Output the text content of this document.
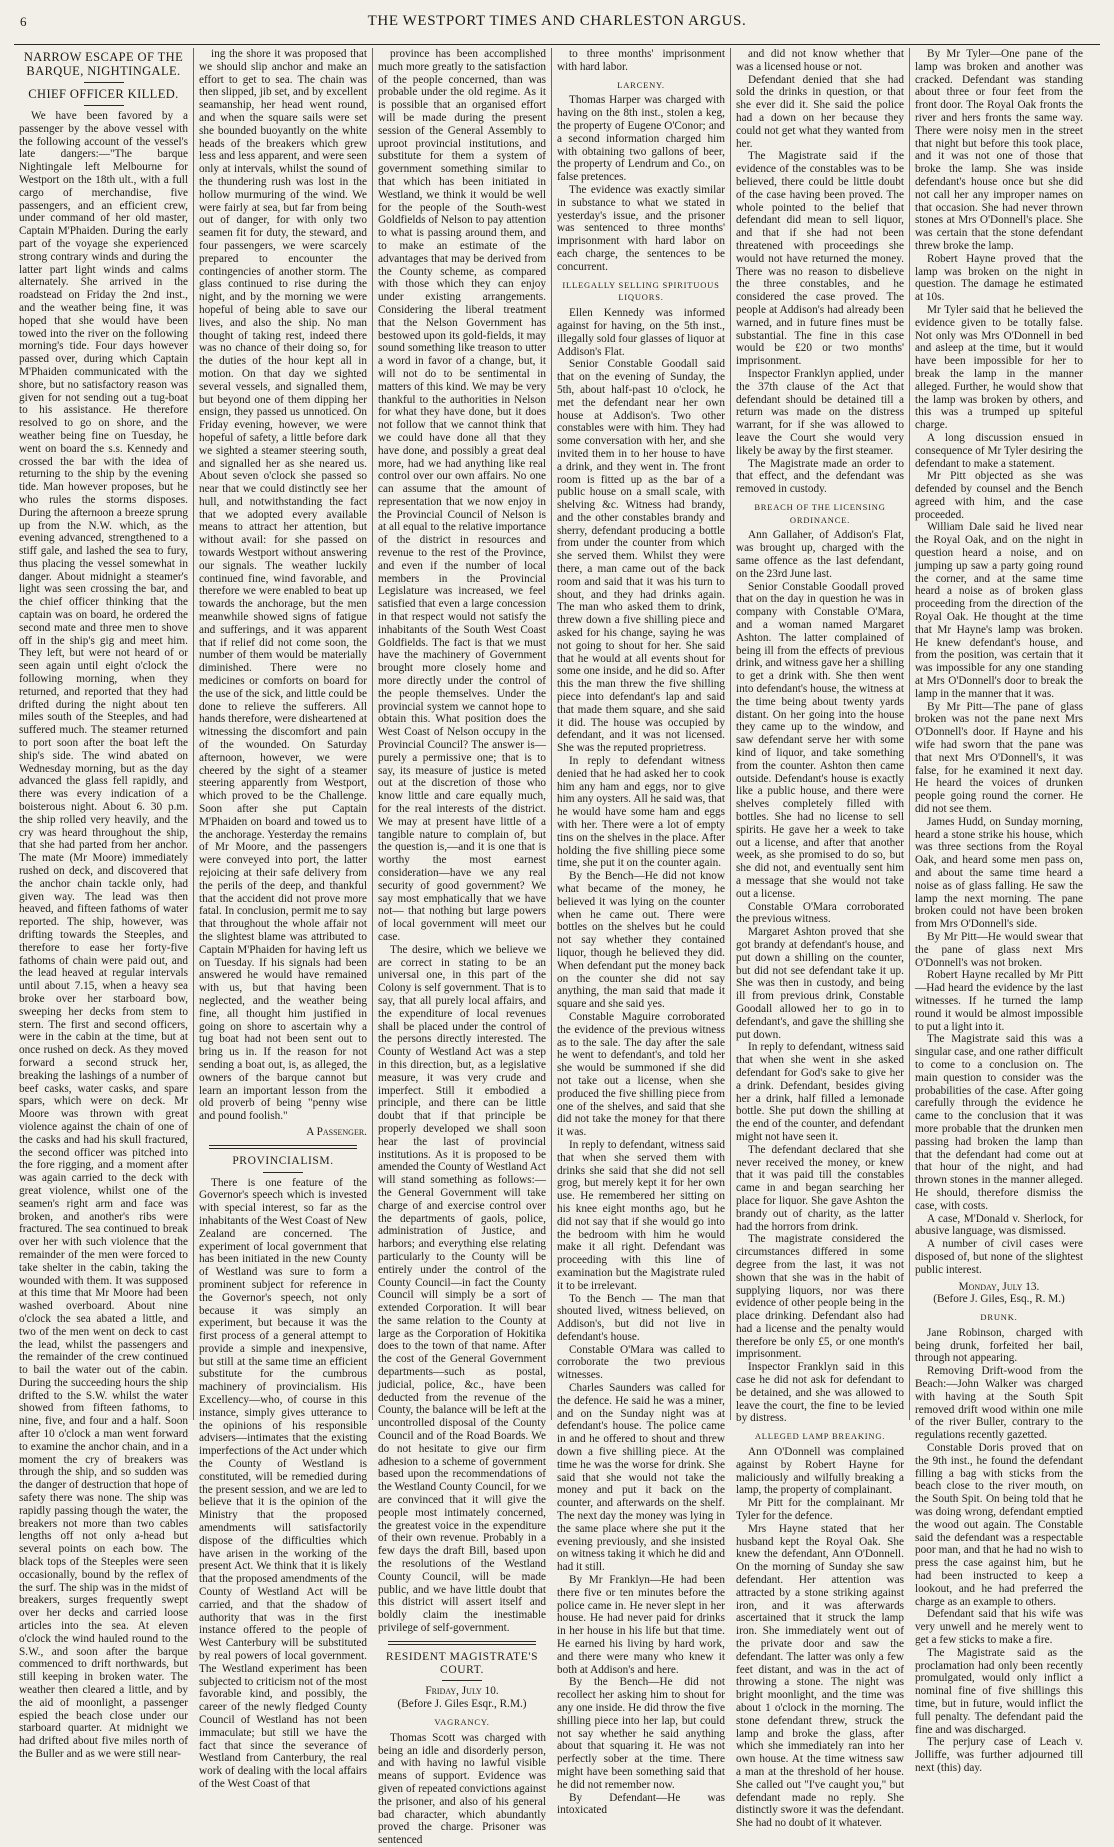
6	THE WESTPORT TIMES AND CHARLESTON ARGUS.
NARROW ESCAPE OF THE BARQUE, NIGHTINGALE.
CHIEF OFFICER KILLED.

We have been favored by a passenger by the above vessel with the following account of the vessel's late dangers:—"The barque Nightingale left Melbourne for Westport on the 18th ult., with a full cargo of merchandise, five passengers, and an efficient crew, under command of her old master, Captain M'Phaiden. During the early part of the voyage she experienced strong contrary winds and during the latter part light winds and calms alternately. She arrived in the roadstead on Friday the 2nd inst., and the weather being fine, it was hoped that she would have been towed into the river on the following morning's tide. Four days however passed over, during which Captain M'Phaiden communicated with the shore, but no satisfactory reason was given for not sending out a tug-boat to his assistance. He therefore resolved to go on shore, and the weather being fine on Tuesday, he went on board the s.s. Kennedy and crossed the bar with the idea of returning to the ship by the evening tide. Man however proposes, but he who rules the storms disposes. During the afternoon a breeze sprung up from the N.W. which, as the evening advanced, strengthened to a stiff gale, and lashed the sea to fury, thus placing the vessel somewhat in danger. About midnight a steamer's light was seen crossing the bar, and the chief officer thinking that the captain was on board, he ordered the second mate and three men to shove off in the ship's gig and meet him. They left, but were not heard of or seen again until eight o'clock the following morning, when they returned, and reported that they had drifted during the night about ten miles south of the Steeples, and had suffered much. The steamer returned to port soon after the boat left the ship's side. The wind abated on Wednesday morning, but as the day advanced the glass fell rapidly, and there was every indication of a boisterous night. About 6. 30 p.m. the ship rolled very heavily, and the cry was heard throughout the ship, that she had parted from her anchor. The mate (Mr Moore) immediately rushed on deck, and discovered that the anchor chain tackle only, had given way. The lead was then heaved, and fifteen fathoms of water reported. The ship, however, was drifting towards the Steeples, and therefore to ease her forty-five fathoms of chain were paid out, and the lead heaved at regular intervals until about 7.15, when a heavy sea broke over her starboard bow, sweeping her decks from stem to stern. The first and second officers, were in the cabin at the time, but at once rushed on deck. As they moved forward a second struck her, breaking the lashings of a number of beef casks, water casks, and spare spars, which were on deck. Mr Moore was thrown with great violence against the chain of one of the casks and had his skull fractured, the second officer was pitched into the fore rigging, and a moment after was again carried to the deck with great violence, whilst one of the seamen's right arm and face was broken, and another's ribs were fractured. The sea continued to break over her with such violence that the remainder of the men were forced to take shelter in the cabin, taking the wounded with them. It was supposed at this time that Mr Moore had been washed overboard. About nine o'clock the sea abated a little, and two of the men went on deck to cast the lead, whilst the passengers and the remainder of the crew continued to bail the water out of the cabin. During the succeeding hours the ship drifted to the S.W. whilst the water showed from fifteen fathoms, to nine, five, and four and a half. Soon after 10 o'clock a man went forward to examine the anchor chain, and in a moment the cry of breakers was through the ship, and so sudden was the danger of destruction that hope of safety there was none. The ship was rapidly passing though the water, the breakers not more than two cables lengths off not only a-head but several points on each bow. The black tops of the Steeples were seen occasionally, bound by the reflex of the surf. The ship was in the midst of breakers, surges frequently swept over her decks and carried loose articles into the sea. At eleven o'clock the wind hauled round to the S.W., and soon after the barque commenced to drift northwards, but still keeping in broken water. The weather then cleared a little, and by the aid of moonlight, a passenger espied the beach close under our starboard quarter. At midnight we had drifted about five miles north of the Buller and as we were still near-

ing the shore it was proposed that we should slip anchor and make an effort to get to sea. The chain was then slipped, jib set, and by excellent seamanship, her head went round, and when the square sails were set she bounded buoyantly on the white heads of the breakers which grew less and less apparent, and were seen only at intervals, whilst the sound of the thundering rush was lost in the hollow murmuring of the wind. We were fairly at sea, but far from being out of danger, for with only two seamen fit for duty, the steward, and four passengers, we were scarcely prepared to encounter the contingencies of another storm. The glass continued to rise during the night, and by the morning we were hopeful of being able to save our lives, and also the ship. No man thought of taking rest, indeed there was no chance of their doing so, for the duties of the hour kept all in motion. On that day we sighted several vessels, and signalled them, but beyond one of them dipping her ensign, they passed us unnoticed. On Friday evening, however, we were hopeful of safety, a little before dark we sighted a steamer steering south, and signalled her as she neared us. About seven o'clock she passed so near that we could distinctly see her hull, and notwithstanding the fact that we adopted every available means to attract her attention, but without avail: for she passed on towards Westport without answering our signals. The weather luckily continued fine, wind favorable, and therefore we were enabled to beat up towards the anchorage, but the men meanwhile showed signs of fatigue and sufferings, and it was apparent that if relief did not come soon, the number of them would be materially diminished. There were no medicines or comforts on board for the use of the sick, and little could be done to relieve the sufferers. All hands therefore, were disheartened at witnessing the discomfort and pain of the wounded. On Saturday afternoon, however, we were cheered by the sight of a steamer steering apparently from Westport, which proved to be the Challenge. Soon after she put Captain M'Phaiden on board and towed us to the anchorage. Yesterday the remains of Mr Moore, and the passengers were conveyed into port, the latter rejoicing at their safe delivery from the perils of the deep, and thankful that the accident did not prove more fatal. In conclusion, permit me to say that throughout the whole affair not the slightest blame was attributed to Captain M'Phaiden for having left us on Tuesday. If his signals had been answered he would have remained with us, but that having been neglected, and the weather being fine, all thought him justified in going on shore to ascertain why a tug boat had not been sent out to bring us in. If the reason for not sending a boat out, is, as alleged, the owners of the barque cannot but learn an important lesson from the old proverb of being "penny wise and pound foolish."

A Passenger.

PROVINCIALISM.

There is one feature of the Governor's speech which is invested with special interest, so far as the inhabitants of the West Coast of New Zealand are concerned. The experiment of local government that has been initiated in the new County of Westland was sure to form a prominent subject for reference in the Governor's speech, not only because it was simply an experiment, but because it was the first process of a general attempt to provide a simple and inexpensive, but still at the same time an efficient substitute for the cumbrous machinery of provincialism. His Excellency—who, of course in this instance, simply gives utterance to the opinions of his responsible advisers—intimates that the existing imperfections of the Act under which the County of Westland is constituted, will be remedied during the present session, and we are led to believe that it is the opinion of the Ministry that the proposed amendments will satisfactorily dispose of the difficulties which have arisen in the working of the present Act. We think that it is likely that the proposed amendments of the County of Westland Act will be carried, and that the shadow of authority that was in the first instance offered to the people of West Canterbury will be substituted by real powers of local government. The Westland experiment has been subjected to criticism not of the most favorable kind, and possibly, the career of the newly fledged County Council of Westland has not been immaculate; but still we have the fact that since the severance of Westland from Canterbury, the real work of dealing with the local affairs of the West Coast of that

province has been accomplished much more greatly to the satisfaction of the people concerned, than was probable under the old regime. As it is possible that an organised effort will be made during the present session of the General Assembly to uproot provincial institutions, and substitute for them a system of government something similar to that which has been initiated in Westland, we think it would be well for the people of the South-west Goldfields of Nelson to pay attention to what is passing around them, and to make an estimate of the advantages that may be derived from the County scheme, as compared with those which they can enjoy under existing arrangements. Considering the liberal treatment that the Nelson Government has bestowed upon its gold-fields, it may sound something like treason to utter a word in favor of a change, but, it will not do to be sentimental in matters of this kind. We may be very thankful to the authorities in Nelson for what they have done, but it does not follow that we cannot think that we could have done all that they have done, and possibly a great deal more, had we had anything like real control over our own affairs. No one can assume that the amount of representation that we now enjoy in the Provincial Council of Nelson is at all equal to the relative importance of the district in resources and revenue to the rest of the Province, and even if the number of local members in the Provincial Legislature was increased, we feel satisfied that even a large concession in that respect would not satisfy the inhabitants of the South West Coast Goldfields. The fact is that we must have the machinery of Government brought more closely home and more directly under the control of the people themselves. Under the provincial system we cannot hope to obtain this. What position does the West Coast of Nelson occupy in the Provincial Council? The answer is—purely a permissive one; that is to say, its measure of justice is meted out at the discretion of those who know little and care equally much, for the real interests of the district. We may at present have little of a tangible nature to complain of, but the question is,—and it is one that is worthy the most earnest consideration—have we any real security of good government? We say most emphatically that we have not— that nothing but large powers of local government will meet our case.

The desire, which we believe we are correct in stating to be an universal one, in this part of the Colony is self government. That is to say, that all purely local affairs, and the expenditure of local revenues shall be placed under the control of the persons directly interested. The County of Westland Act was a step in this direction, but, as a legislative measure, it was very crude and imperfect. Still it embodied a principle, and there can be little doubt that if that principle be properly developed we shall soon hear the last of provincial institutions. As it is proposed to be amended the County of Westland Act will stand something as follows:—the General Government will take charge of and exercise control over the departments of gaols, police, administration of Justice, and harbors; and everything else relating particularly to the County will be entirely under the control of the County Council—in fact the County Council will simply be a sort of extended Corporation. It will bear the same relation to the County at large as the Corporation of Hokitika does to the town of that name. After the cost of the General Government departments—such as postal, judicial, police, &c., have been deducted from the revenue of the County, the balance will be left at the uncontrolled disposal of the County Council and of the Road Boards. We do not hesitate to give our firm adhesion to a scheme of government based upon the recommendations of the Westland County Council, for we are convinced that it will give the people most intimately concerned, the greatest voice in the expenditure of their own revenue. Probably in a few days the draft Bill, based upon the resolutions of the Westland County Council, will be made public, and we have little doubt that this district will assert itself and boldly claim the inestimable privilege of self-government.

RESIDENT MAGISTRATE'S COURT.

Friday, July 10.

(Before J. Giles Esqr., R.M.)

VAGRANCY.

Thomas Scott was charged with being an idle and disorderly person, and with having no lawful visible means of support. Evidence was given of repeated convictions against the prisoner, and also of his general bad character, which abundantly proved the charge. Prisoner was sentenced

to three months' imprisonment with hard labor.

LARCENY.

Thomas Harper was charged with having on the 8th inst., stolen a keg, the property of Eugene O'Conor; and a second information charged him with obtaining two gallons of beer, the property of Lendrum and Co., on false pretences.

The evidence was exactly similar in substance to what we stated in yesterday's issue, and the prisoner was sentenced to three months' imprisonment with hard labor on each charge, the sentences to be concurrent.

ILLEGALLY SELLING SPIRITUOUS LIQUORS.

Ellen Kennedy was informed against for having, on the 5th inst., illegally sold four glasses of liquor at Addison's Flat.

Senior Constable Goodall said that on the evening of Sunday, the 5th, about half-past 10 o'clock, he met the defendant near her own house at Addison's. Two other constables were with him. They had some conversation with her, and she invited them in to her house to have a drink, and they went in. The front room is fitted up as the bar of a public house on a small scale, with shelving &c. Witness had brandy, and the other constables brandy and sherry, defendant producing a bottle from under the counter from which she served them. Whilst they were there, a man came out of the back room and said that it was his turn to shout, and they had drinks again. The man who asked them to drink, threw down a five shilling piece and asked for his change, saying he was not going to shout for her. She said that he would at all events shout for some one inside, and he did so. After this the man threw the five shilling piece into defendant's lap and said that made them square, and she said it did. The house was occupied by defendant, and it was not licensed. She was the reputed proprietress.

In reply to defendant witness denied that he had asked her to cook him any ham and eggs, nor to give him any oysters. All he said was, that he would have some ham and eggs with her. There were a lot of empty tins on the shelves in the place. After holding the five shilling piece some time, she put it on the counter again.

By the Bench—He did not know what became of the money, he believed it was lying on the counter when he came out. There were bottles on the shelves but he could not say whether they contained liquor, though he believed they did. When defendant put the money back on the counter she did not say anything, the man said that made it square and she said yes.

Constable Maguire corroborated the evidence of the previous witness as to the sale. The day after the sale he went to defendant's, and told her she would be summoned if she did not take out a license, when she produced the five shilling piece from one of the shelves, and said that she did not take the money for that there it was.

In reply to defendant, witness said that when she served them with drinks she said that she did not sell grog, but merely kept it for her own use. He remembered her sitting on his knee eight months ago, but he did not say that if she would go into the bedroom with him he would make it all right. Defendant was proceeding with this line of examination but the Magistrate ruled it to be irrelevant.

To the Bench — The man that shouted lived, witness believed, on Addison's, but did not live in defendant's house.

Constable O'Mara was called to corroborate the two previous witnesses.

Charles Saunders was called for the defence. He said he was a miner, and on the Sunday night was at defendant's house. The police came in and he offered to shout and threw down a five shilling piece. At the time he was the worse for drink. She said that she would not take the money and put it back on the counter, and afterwards on the shelf. The next day the money was lying in the same place where she put it the evening previously, and she insisted on witness taking it which he did and had it still.

By Mr Franklyn—He had been there five or ten minutes before the police came in. He never slept in her house. He had never paid for drinks in her house in his life but that time. He earned his living by hard work, and there were many who knew it both at Addison's and here.

By the Bench—He did not recollect her asking him to shout for any one inside. He did throw the five shilling piece into her lap, but could not say whether he said anything about that squaring it. He was not perfectly sober at the time. There might have been something said that he did not remember now.

By Defendant—He was intoxicated

and did not know whether that was a licensed house or not.

Defendant denied that she had sold the drinks in question, or that she ever did it. She said the police had a down on her because they could not get what they wanted from her.

The Magistrate said if the evidence of the constables was to be believed, there could be little doubt of the case having been proved. The whole pointed to the belief that defendant did mean to sell liquor, and that if she had not been threatened with proceedings she would not have returned the money. There was no reason to disbelieve the three constables, and he considered the case proved. The people at Addison's had already been warned, and in future fines must be substantial. The fine in this case would be £20 or two months' imprisonment.

Inspector Franklyn applied, under the 37th clause of the Act that defendant should be detained till a return was made on the distress warrant, for if she was allowed to leave the Court she would very likely be away by the first steamer.

The Magistrate made an order to that effect, and the defendant was removed in custody.

BREACH OF THE LICENSING ORDINANCE.

Ann Gallaher, of Addison's Flat, was brought up, charged with the same offence as the last defendant, on the 23rd June last.

Senior Constable Goodall proved that on the day in question he was in company with Constable O'Mara, and a woman named Margaret Ashton. The latter complained of being ill from the effects of previous drink, and witness gave her a shilling to get a drink with. She then went into defendant's house, the witness at the time being about twenty yards distant. On her going into the house they came up to the window, and saw defendant serve her with some kind of liquor, and take something from the counter. Ashton then came outside. Defendant's house is exactly like a public house, and there were shelves completely filled with bottles. She had no license to sell spirits. He gave her a week to take out a license, and after that another week, as she promised to do so, but she did not, and eventually sent him a message that she would not take out a license.

Constable O'Mara corroborated the previous witness.

Margaret Ashton proved that she got brandy at defendant's house, and put down a shilling on the counter, but did not see defendant take it up. She was then in custody, and being ill from previous drink, Constable Goodall allowed her to go in to defendant's, and gave the shilling she put down.

In reply to defendant, witness said that when she went in she asked defendant for God's sake to give her a drink. Defendant, besides giving her a drink, half filled a lemonade bottle. She put down the shilling at the end of the counter, and defendant might not have seen it.

The defendant declared that she never received the money, or knew that it was paid till the constables came in and began searching her place for liquor. She gave Ashton the brandy out of charity, as the latter had the horrors from drink.

The magistrate considered the circumstances differed in some degree from the last, it was not shown that she was in the habit of supplying liquors, nor was there evidence of other people being in the place drinking. Defendant also had had a license and the penalty would therefore be only £5, or one month's imprisonment.

Inspector Franklyn said in this case he did not ask for defendant to be detained, and she was allowed to leave the court, the fine to be levied by distress.

ALLEGED LAMP BREAKING.

Ann O'Donnell was complained against by Robert Hayne for maliciously and wilfully breaking a lamp, the property of complainant.

Mr Pitt for the complainant. Mr Tyler for the defence.

Mrs Hayne stated that her husband kept the Royal Oak. She knew the defendant, Ann O'Donnell. On the morning of Sunday she saw defendant. Her attention was attracted by a stone striking against iron, and it was afterwards ascertained that it struck the lamp iron. She immediately went out of the private door and saw the defendant. The latter was only a few feet distant, and was in the act of throwing a stone. The night was bright moonlight, and the time was about 1 o'clock in the morning. The stone defendant threw, struck the lamp and broke the glass, after which she immediately ran into her own house. At the time witness saw a man at the threshold of her house. She called out "I've caught you," but defendant made no reply. She distinctly swore it was the defendant. She had no doubt of it whatever.

By Mr Tyler—One pane of the lamp was broken and another was cracked. Defendant was standing about three or four feet from the front door. The Royal Oak fronts the river and hers fronts the same way. There were noisy men in the street that night but before this took place, and it was not one of those that broke the lamp. She was inside defendant's house once but she did not call her any improper names on that occasion. She had never thrown stones at Mrs O'Donnell's place. She was certain that the stone defendant threw broke the lamp.

Robert Hayne proved that the lamp was broken on the night in question. The damage he estimated at 10s.

Mr Tyler said that he believed the evidence given to be totally false. Not only was Mrs O'Donnell in bed and asleep at the time, but it would have been impossible for her to break the lamp in the manner alleged. Further, he would show that the lamp was broken by others, and this was a trumped up spiteful charge.

A long discussion ensued in consequence of Mr Tyler desiring the defendant to make a statement.

Mr Pitt objected as she was defended by counsel and the Bench agreed with him, and the case proceeded.

William Dale said he lived near the Royal Oak, and on the night in question heard a noise, and on jumping up saw a party going round the corner, and at the same time heard a noise as of broken glass proceeding from the direction of the Royal Oak. He thought at the time that Mr Hayne's lamp was broken. He knew defendant's house, and from the position, was certain that it was impossible for any one standing at Mrs O'Donnell's door to break the lamp in the manner that it was.

By Mr Pitt—The pane of glass broken was not the pane next Mrs O'Donnell's door. If Hayne and his wife had sworn that the pane was that next Mrs O'Donnell's, it was false, for he examined it next day. He heard the voices of drunken people going round the corner. He did not see them.

James Hudd, on Sunday morning, heard a stone strike his house, which was three sections from the Royal Oak, and heard some men pass on, and about the same time heard a noise as of glass falling. He saw the lamp the next morning. The pane broken could not have been broken from Mrs O'Donnell's side.

By Mr Pitt—He would swear that the pane of glass next Mrs O'Donnell's was not broken.

Robert Hayne recalled by Mr Pitt—Had heard the evidence by the last witnesses. If he turned the lamp round it would be almost impossible to put a light into it.

The Magistrate said this was a singular case, and one rather difficult to come to a conclusion on. The main question to consider was the probabilities of the case. After going carefully through the evidence he came to the conclusion that it was more probable that the drunken men passing had broken the lamp than that the defendant had come out at that hour of the night, and had thrown stones in the manner alleged. He should, therefore dismiss the case, with costs.

A case, M'Donald v. Sherlock, for abusive language, was dismissed.

A number of civil cases were disposed of, but none of the slightest public interest.

Monday, July 13.

(Before J. Giles, Esq., R. M.)

DRUNK.

Jane Robinson, charged with being drunk, forfeited her bail, through not appearing.

Removing Drift-wood from the Beach:—John Walker was charged with having at the South Spit removed drift wood within one mile of the river Buller, contrary to the regulations recently gazetted.

Constable Doris proved that on the 9th inst., he found the defendant filling a bag with sticks from the beach close to the river mouth, on the South Spit. On being told that he was doing wrong, defendant emptied the wood out again. The Constable said the defendant was a respectable poor man, and that he had no wish to press the case against him, but he had been instructed to keep a lookout, and he had preferred the charge as an example to others.

Defendant said that his wife was very unwell and he merely went to get a few sticks to make a fire.

The Magistrate said as the proclamation had only been recently promulgated, would only inflict a nominal fine of five shillings this time, but in future, would inflict the full penalty. The defendant paid the fine and was discharged.

The perjury case of Leach v. Jolliffe, was further adjourned till next (this) day.
